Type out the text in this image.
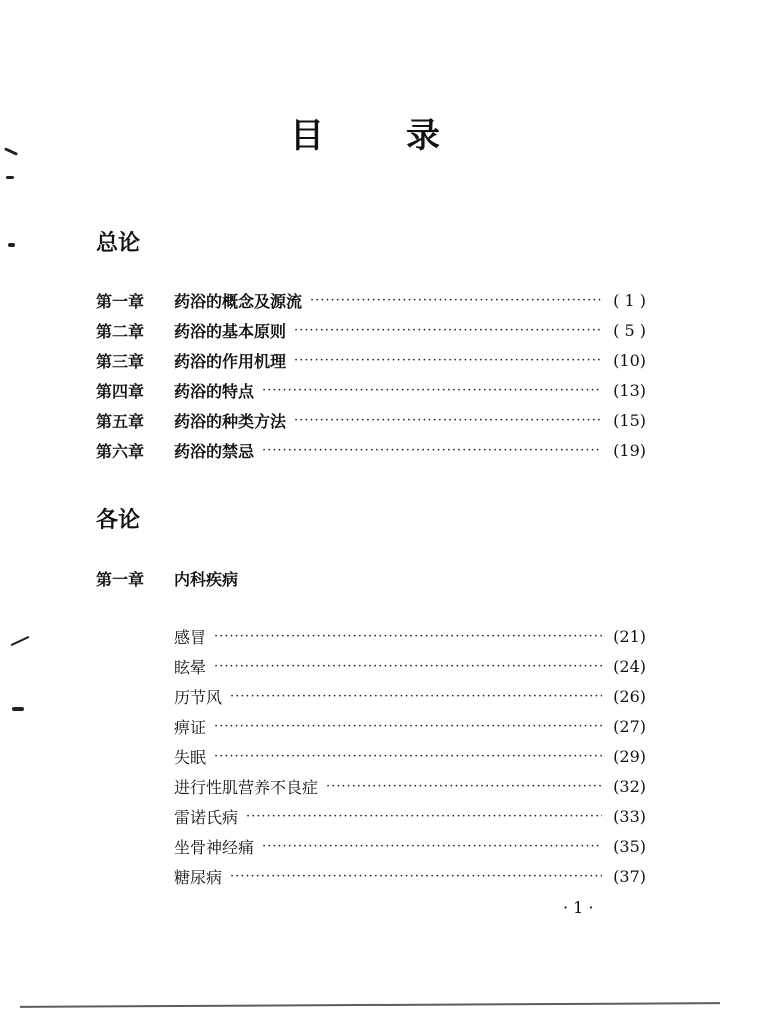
目 录
总论
第一章	药浴的概念及源流 ·····	( 1 )
第二章	药浴的基本原则 ·····	( 5 )
第三章	药浴的作用机理 ·····	(10)
第四章	药浴的特点 ·····	(13)
第五章	药浴的种类方法 ·····	(15)
第六章	药浴的禁忌 ·····	(19)
各论
第一章	内科疾病
感冒 ·····	(21)
眩晕 ·····	(24)
历节风 ·····	(26)
痹证 ·····	(27)
失眠 ·····	(29)
进行性肌营养不良症 ·····	(32)
雷诺氏病 ·····	(33)
坐骨神经痛 ·····	(35)
糖尿病 ·····	(37)
· 1 ·
